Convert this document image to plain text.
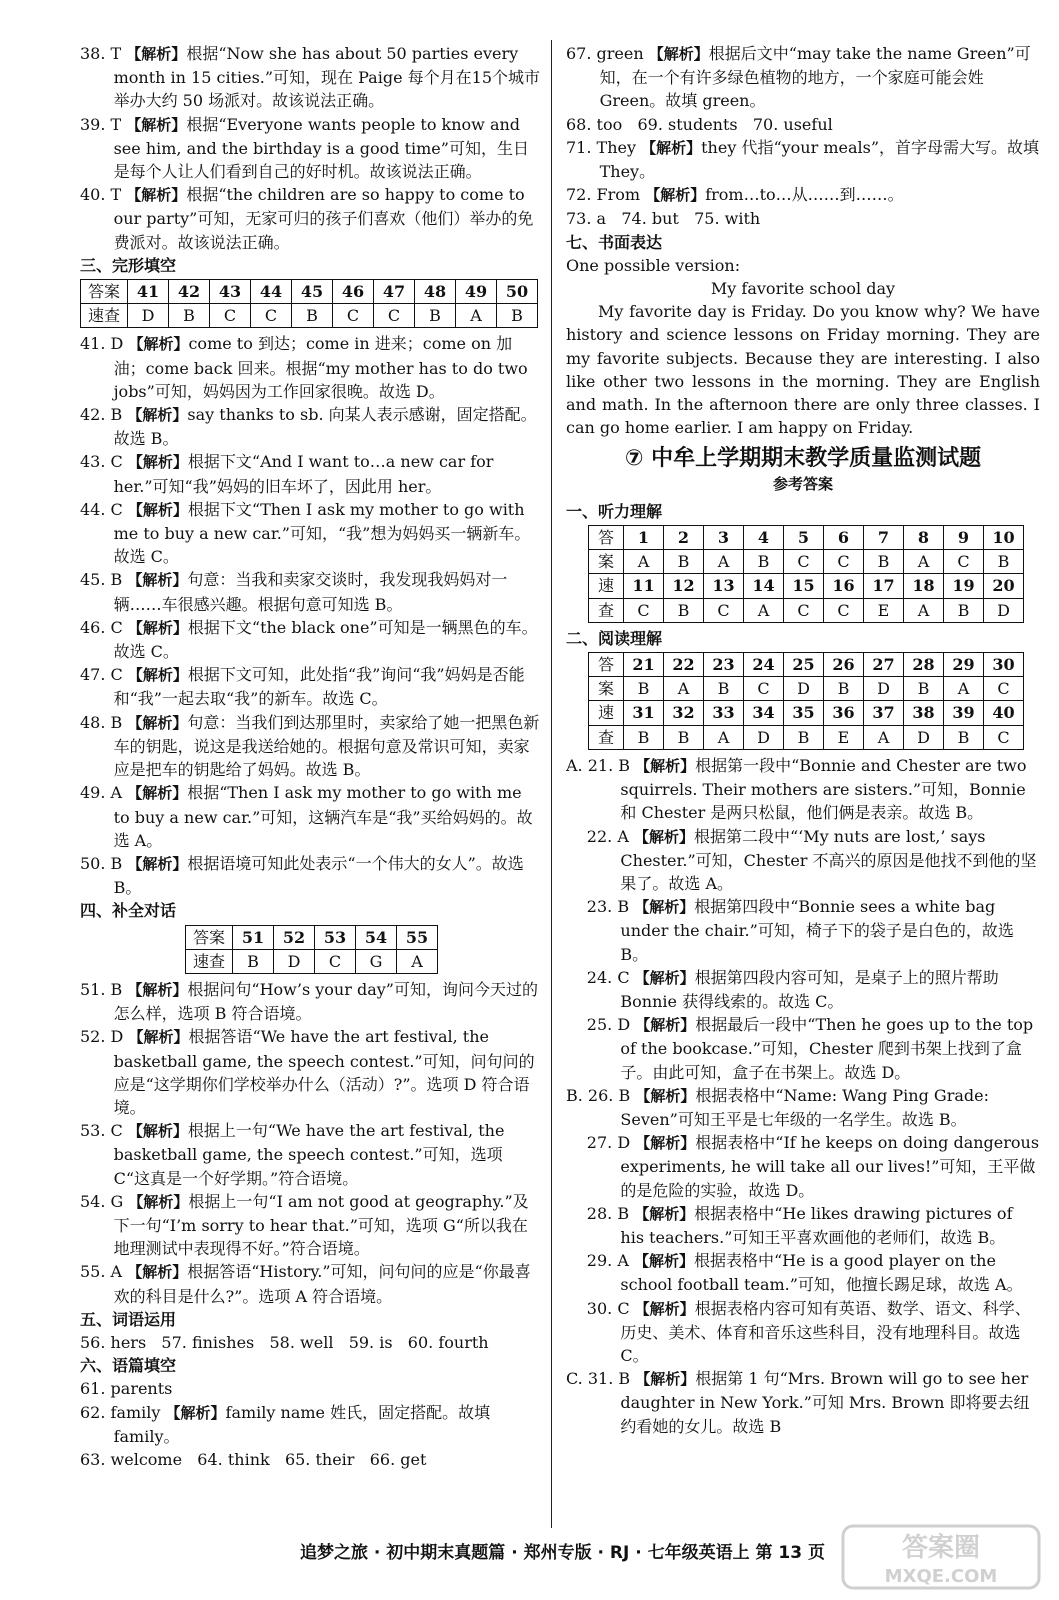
38. T 【解析】根据“Now she has about 50 parties every month in 15 cities.”可知，现在 Paige 每个月在15个城市举办大约 50 场派对。故该说法正确。

39. T 【解析】根据“Everyone wants people to know and see him, and the birthday is a good time”可知，生日是每个人让人们看到自己的好时机。故该说法正确。

40. T 【解析】根据“the children are so happy to come to our party”可知，无家可归的孩子们喜欢（他们）举办的免费派对。故该说法正确。

三、完形填空

答案	41	42	43	44	45	46	47	48	49	50
速查	D	B	C	C	B	C	C	B	A	B

41. D 【解析】come to 到达；come in 进来；come on 加油；come back 回来。根据“my mother has to do two jobs”可知，妈妈因为工作回家很晚。故选 D。

42. B 【解析】say thanks to sb. 向某人表示感谢，固定搭配。故选 B。

43. C 【解析】根据下文“And I want to…a new car for her.”可知“我”妈妈的旧车坏了，因此用 her。

44. C 【解析】根据下文“Then I ask my mother to go with me to buy a new car.”可知，“我”想为妈妈买一辆新车。故选 C。

45. B 【解析】句意：当我和卖家交谈时，我发现我妈妈对一辆……车很感兴趣。根据句意可知选 B。

46. C 【解析】根据下文“the black one”可知是一辆黑色的车。故选 C。

47. C 【解析】根据下文可知，此处指“我”询问“我”妈妈是否能和“我”一起去取“我”的新车。故选 C。

48. B 【解析】句意：当我们到达那里时，卖家给了她一把黑色新车的钥匙，说这是我送给她的。根据句意及常识可知，卖家应是把车的钥匙给了妈妈。故选 B。

49. A 【解析】根据“Then I ask my mother to go with me to buy a new car.”可知，这辆汽车是“我”买给妈妈的。故选 A。

50. B 【解析】根据语境可知此处表示“一个伟大的女人”。故选 B。

四、补全对话

答案	51	52	53	54	55
速查	B	D	C	G	A

51. B 【解析】根据问句“How’s your day”可知，询问今天过的怎么样，选项 B 符合语境。

52. D 【解析】根据答语“We have the art festival, the basketball game, the speech contest.”可知，问句问的应是“这学期你们学校举办什么（活动）?”。选项 D 符合语境。

53. C 【解析】根据上一句“We have the art festival, the basketball game, the speech contest.”可知，选项 C“这真是一个好学期。”符合语境。

54. G 【解析】根据上一句“I am not good at geography.”及下一句“I’m sorry to hear that.”可知，选项 G“所以我在地理测试中表现得不好。”符合语境。

55. A 【解析】根据答语“History.”可知，问句问的应是“你最喜欢的科目是什么?”。选项 A 符合语境。

五、词语运用

56. hers   57. finishes   58. well   59. is   60. fourth

六、语篇填空

61. parents

62. family 【解析】family name 姓氏，固定搭配。故填 family。

63. welcome   64. think   65. their   66. get

67. green 【解析】根据后文中“may take the name Green”可知，在一个有许多绿色植物的地方，一个家庭可能会姓 Green。故填 green。

68. too   69. students   70. useful

71. They 【解析】they 代指“your meals”，首字母需大写。故填 They。

72. From 【解析】from…to…从……到……。

73. a   74. but   75. with

七、书面表达

One possible version:

My favorite school day

My favorite day is Friday. Do you know why? We have history and science lessons on Friday morning. They are my favorite subjects. Because they are interesting. I also like other two lessons in the morning. They are English and math. In the afternoon there are only three classes. I can go home earlier. I am happy on Friday.

⑦ 中牟上学期期末教学质量监测试题

参考答案

一、听力理解

答	1	2	3	4	5	6	7	8	9	10
案	A	B	A	B	C	C	B	A	C	B
速	11	12	13	14	15	16	17	18	19	20
查	C	B	C	A	C	C	E	A	B	D

二、阅读理解

答	21	22	23	24	25	26	27	28	29	30
案	B	A	B	C	D	B	D	B	A	C
速	31	32	33	34	35	36	37	38	39	40
查	B	B	A	D	B	E	A	D	B	C

A. 21. B 【解析】根据第一段中“Bonnie and Chester are two squirrels. Their mothers are sisters.”可知，Bonnie 和 Chester 是两只松鼠，他们俩是表亲。故选 B。

22. A 【解析】根据第二段中“‘My nuts are lost,’ says Chester.”可知，Chester 不高兴的原因是他找不到他的坚果了。故选 A。

23. B 【解析】根据第四段中“Bonnie sees a white bag under the chair.”可知，椅子下的袋子是白色的，故选 B。

24. C 【解析】根据第四段内容可知，是桌子上的照片帮助 Bonnie 获得线索的。故选 C。

25. D 【解析】根据最后一段中“Then he goes up to the top of the bookcase.”可知，Chester 爬到书架上找到了盒子。由此可知，盒子在书架上。故选 D。

B. 26. B 【解析】根据表格中“Name: Wang Ping Grade: Seven”可知王平是七年级的一名学生。故选 B。

27. D 【解析】根据表格中“If he keeps on doing dangerous experiments, he will take all our lives!”可知，王平做的是危险的实验，故选 D。

28. B 【解析】根据表格中“He likes drawing pictures of his teachers.”可知王平喜欢画他的老师们，故选 B。

29. A 【解析】根据表格中“He is a good player on the school football team.”可知，他擅长踢足球，故选 A。

30. C 【解析】根据表格内容可知有英语、数学、语文、科学、历史、美术、体育和音乐这些科目，没有地理科目。故选 C。

C. 31. B 【解析】根据第 1 句“Mrs. Brown will go to see her daughter in New York.”可知 Mrs. Brown 即将要去纽约看她的女儿。故选 B

追梦之旅 · 初中期末真题篇 · 郑州专版 · RJ · 七年级英语上 第 13 页	答案圈
MXQE.COM
